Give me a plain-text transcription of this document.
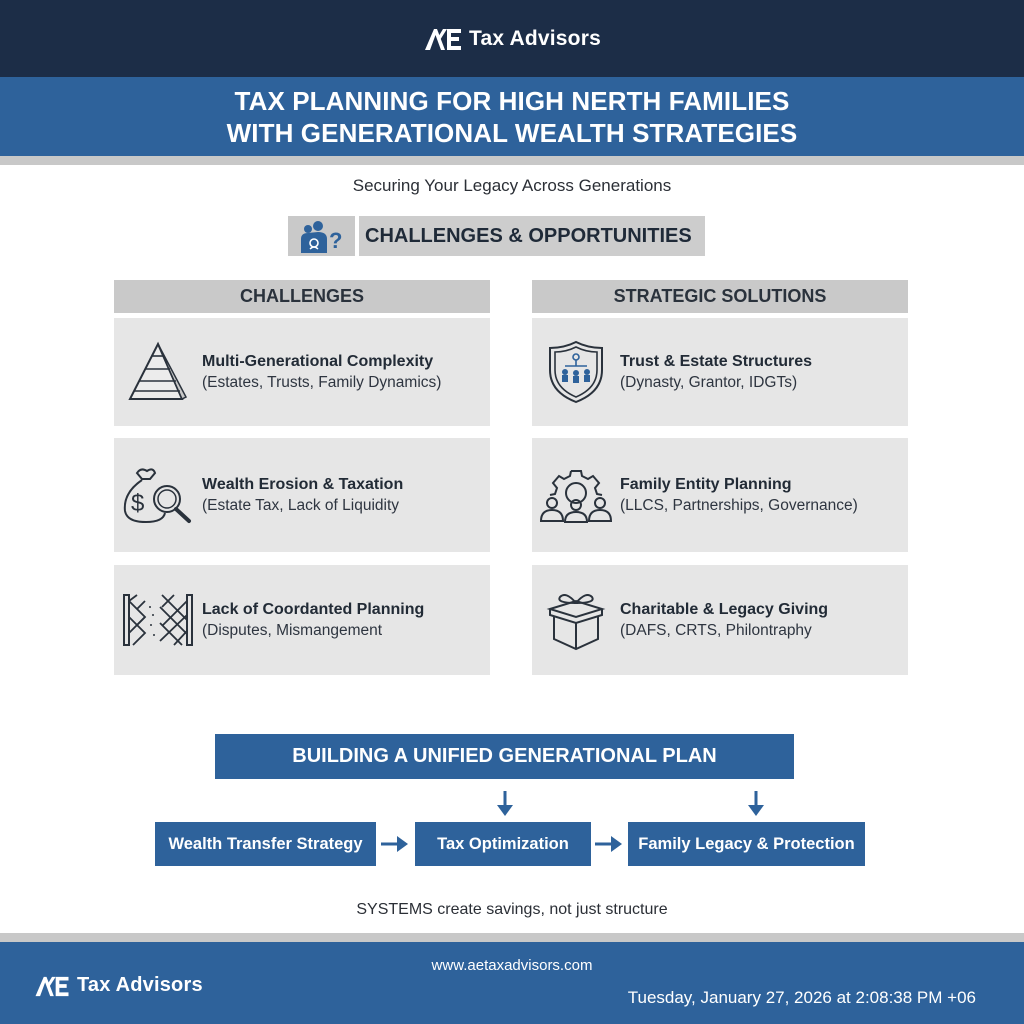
Tax Advisors
TAX PLANNING FOR HIGH NERTH FAMILIES
WITH GENERATIONAL WEALTH STRATEGIES
Securing Your Legacy Across Generations
?	CHALLENGES & OPPORTUNITIES
CHALLENGES	STRATEGIC SOLUTIONS
Multi-Generational Complexity
(Estates, Trusts, Family Dynamics)
$
Wealth Erosion & Taxation
(Estate Tax, Lack of Liquidity
Lack of Coordanted Planning
(Disputes, Mismangement
Trust & Estate Structures
(Dynasty, Grantor, IDGTs)
Family Entity Planning
(LLCS, Partnerships, Governance)
Charitable & Legacy Giving
(DAFS, CRTS, Philontraphy
BUILDING A UNIFIED GENERATIONAL PLAN
Wealth Transfer Strategy	Tax Optimization	Family Legacy & Protection
SYSTEMS create savings, not just structure
Tax Advisors
www.aetaxadvisors.com
Tuesday, January 27, 2026 at 2:08:38 PM +06
